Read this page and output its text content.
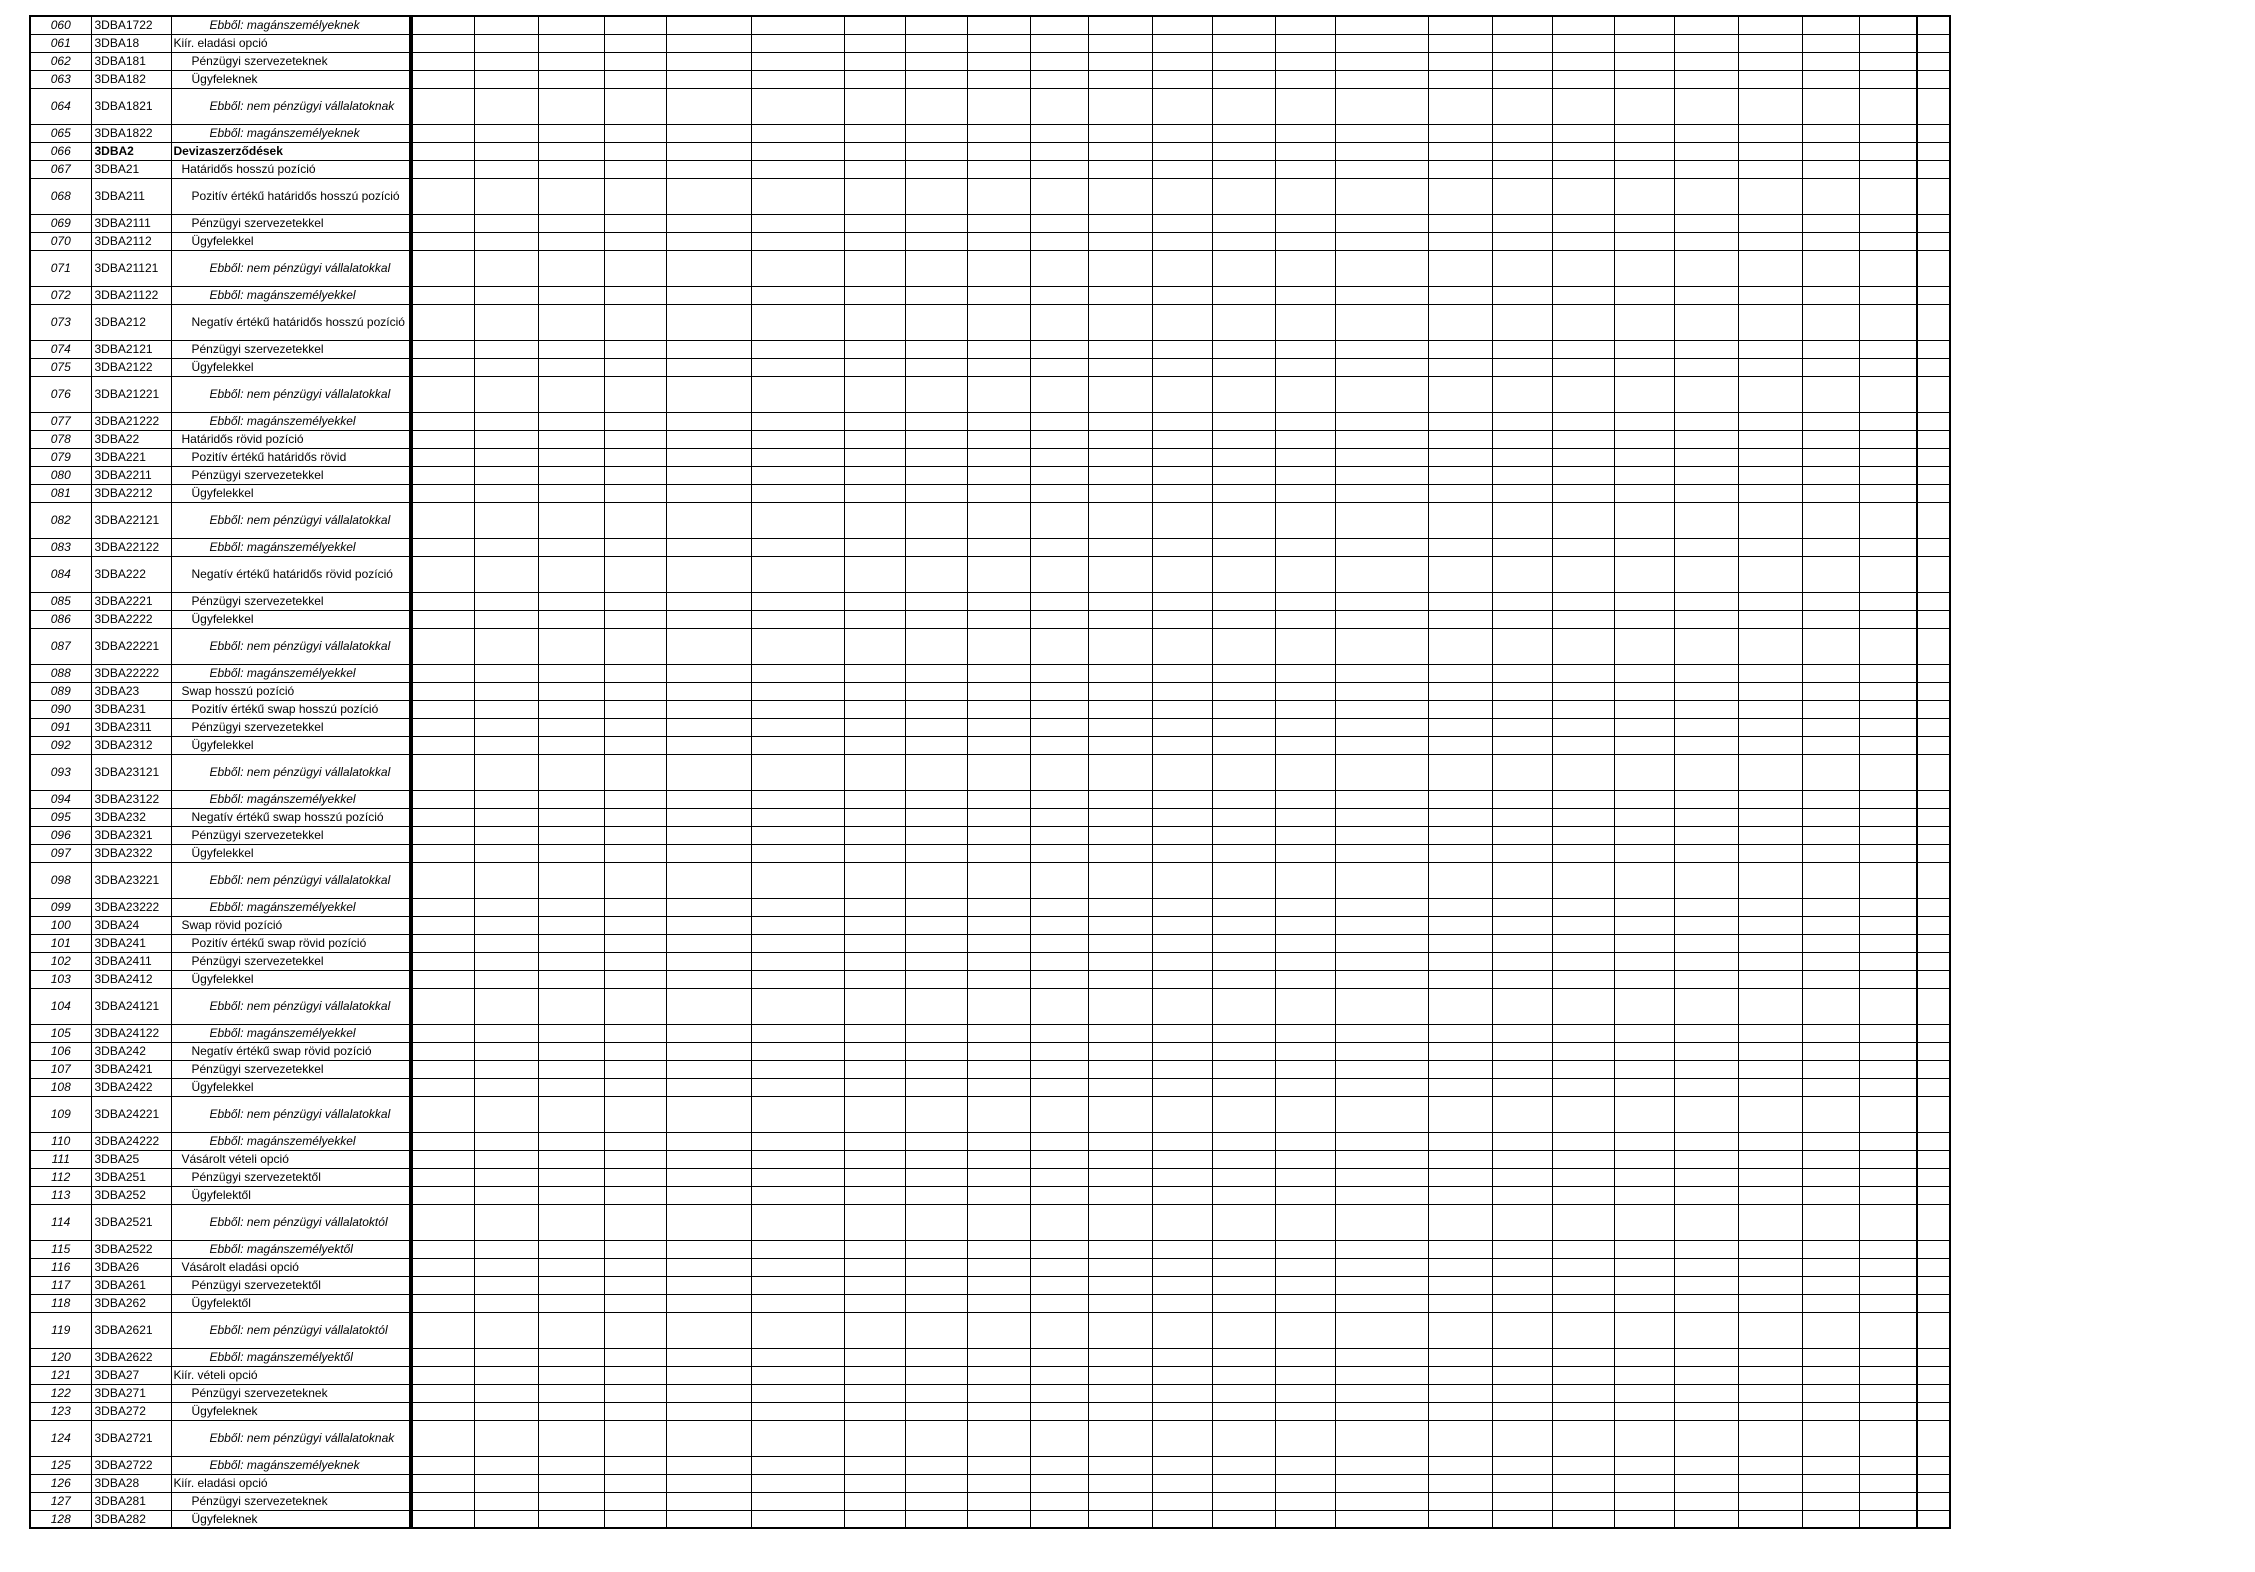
060	3DBA1722	Ebből: magánszemélyeknek																								
061	3DBA18	Kiír. eladási opció																								
062	3DBA181	Pénzügyi szervezeteknek																								
063	3DBA182	Ügyfeleknek																								
064	3DBA1821	Ebből: nem pénzügyi vállalatoknak																								
065	3DBA1822	Ebből: magánszemélyeknek																								
066	3DBA2	Devizaszerződések																								
067	3DBA21	Határidős hosszú pozíció																								
068	3DBA211	Pozitív értékű határidős hosszú pozíció																								
069	3DBA2111	Pénzügyi szervezetekkel																								
070	3DBA2112	Ügyfelekkel																								
071	3DBA21121	Ebből: nem pénzügyi vállalatokkal																								
072	3DBA21122	Ebből: magánszemélyekkel																								
073	3DBA212	Negatív értékű határidős hosszú pozíció																								
074	3DBA2121	Pénzügyi szervezetekkel																								
075	3DBA2122	Ügyfelekkel																								
076	3DBA21221	Ebből: nem pénzügyi vállalatokkal																								
077	3DBA21222	Ebből: magánszemélyekkel																								
078	3DBA22	Határidős rövid pozíció																								
079	3DBA221	Pozitív értékű határidős rövid																								
080	3DBA2211	Pénzügyi szervezetekkel																								
081	3DBA2212	Ügyfelekkel																								
082	3DBA22121	Ebből: nem pénzügyi vállalatokkal																								
083	3DBA22122	Ebből: magánszemélyekkel																								
084	3DBA222	Negatív értékű határidős rövid pozíció																								
085	3DBA2221	Pénzügyi szervezetekkel																								
086	3DBA2222	Ügyfelekkel																								
087	3DBA22221	Ebből: nem pénzügyi vállalatokkal																								
088	3DBA22222	Ebből: magánszemélyekkel																								
089	3DBA23	Swap hosszú pozíció																								
090	3DBA231	Pozitív értékű swap hosszú pozíció																								
091	3DBA2311	Pénzügyi szervezetekkel																								
092	3DBA2312	Ügyfelekkel																								
093	3DBA23121	Ebből: nem pénzügyi vállalatokkal																								
094	3DBA23122	Ebből: magánszemélyekkel																								
095	3DBA232	Negatív értékű swap hosszú pozíció																								
096	3DBA2321	Pénzügyi szervezetekkel																								
097	3DBA2322	Ügyfelekkel																								
098	3DBA23221	Ebből: nem pénzügyi vállalatokkal																								
099	3DBA23222	Ebből: magánszemélyekkel																								
100	3DBA24	Swap rövid pozíció																								
101	3DBA241	Pozitív értékű swap rövid pozíció																								
102	3DBA2411	Pénzügyi szervezetekkel																								
103	3DBA2412	Ügyfelekkel																								
104	3DBA24121	Ebből: nem pénzügyi vállalatokkal																								
105	3DBA24122	Ebből: magánszemélyekkel																								
106	3DBA242	Negatív értékű swap rövid pozíció																								
107	3DBA2421	Pénzügyi szervezetekkel																								
108	3DBA2422	Ügyfelekkel																								
109	3DBA24221	Ebből: nem pénzügyi vállalatokkal																								
110	3DBA24222	Ebből: magánszemélyekkel																								
111	3DBA25	Vásárolt vételi opció																								
112	3DBA251	Pénzügyi szervezetektől																								
113	3DBA252	Ügyfelektől																								
114	3DBA2521	Ebből: nem pénzügyi vállalatoktól																								
115	3DBA2522	Ebből: magánszemélyektől																								
116	3DBA26	Vásárolt eladási opció																								
117	3DBA261	Pénzügyi szervezetektől																								
118	3DBA262	Ügyfelektől																								
119	3DBA2621	Ebből: nem pénzügyi vállalatoktól																								
120	3DBA2622	Ebből: magánszemélyektől																								
121	3DBA27	Kiír. vételi opció																								
122	3DBA271	Pénzügyi szervezeteknek																								
123	3DBA272	Ügyfeleknek																								
124	3DBA2721	Ebből: nem pénzügyi vállalatoknak																								
125	3DBA2722	Ebből: magánszemélyeknek																								
126	3DBA28	Kiír. eladási opció																								
127	3DBA281	Pénzügyi szervezeteknek																								
128	3DBA282	Ügyfeleknek																								
